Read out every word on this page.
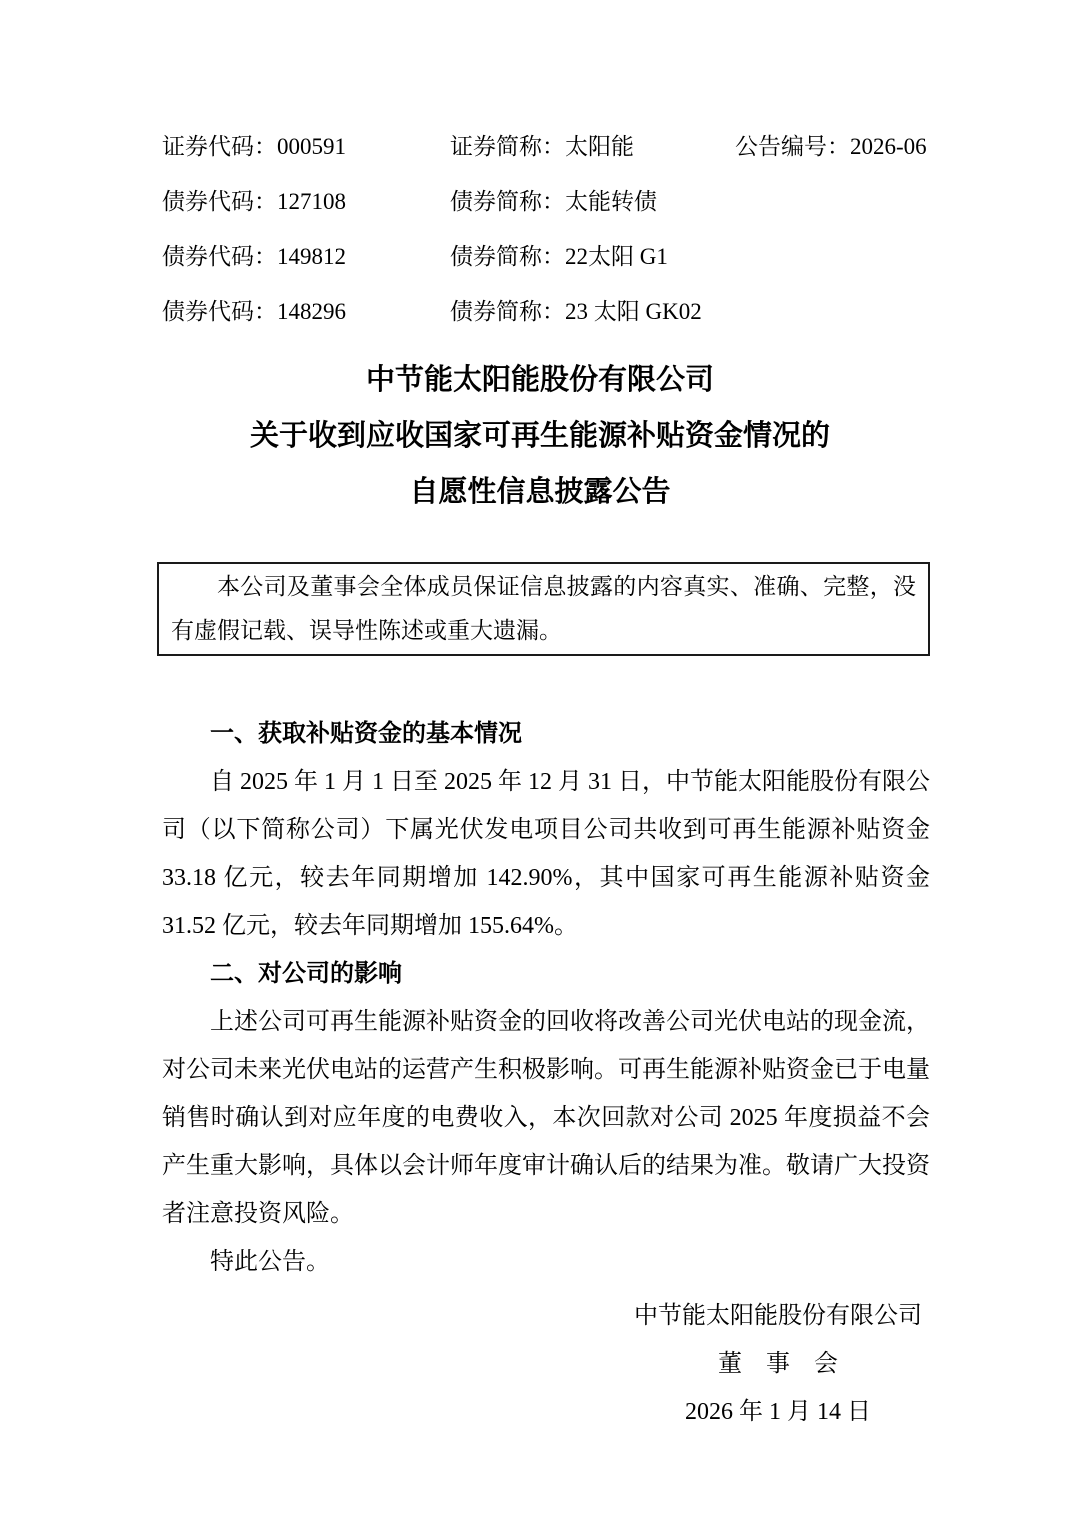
证券代码：000591	证券简称：太阳能	公告编号：2026-06
债券代码：127108	债券简称：太能转债
债券代码：149812	债券简称：22太阳 G1
债券代码：148296	债券简称：23 太阳 GK02
中节能太阳能股份有限公司
关于收到应收国家可再生能源补贴资金情况的
自愿性信息披露公告

本公司及董事会全体成员保证信息披露的内容真实、准确、完整，没有虚假记载、误导性陈述或重大遗漏。

一、获取补贴资金的基本情况

自 2025 年 1 月 1 日至 2025 年 12 月 31 日，中节能太阳能股份有限公司（以下简称公司）下属光伏发电项目公司共收到可再生能源补贴资金 33.18 亿元，较去年同期增加 142.90%，其中国家可再生能源补贴资金 31.52 亿元，较去年同期增加 155.64%。

二、对公司的影响

上述公司可再生能源补贴资金的回收将改善公司光伏电站的现金流，对公司未来光伏电站的运营产生积极影响。可再生能源补贴资金已于电量销售时确认到对应年度的电费收入，本次回款对公司 2025 年度损益不会产生重大影响，具体以会计师年度审计确认后的结果为准。敬请广大投资者注意投资风险。

特此公告。

中节能太阳能股份有限公司
董　事　会
2026 年 1 月 14 日
